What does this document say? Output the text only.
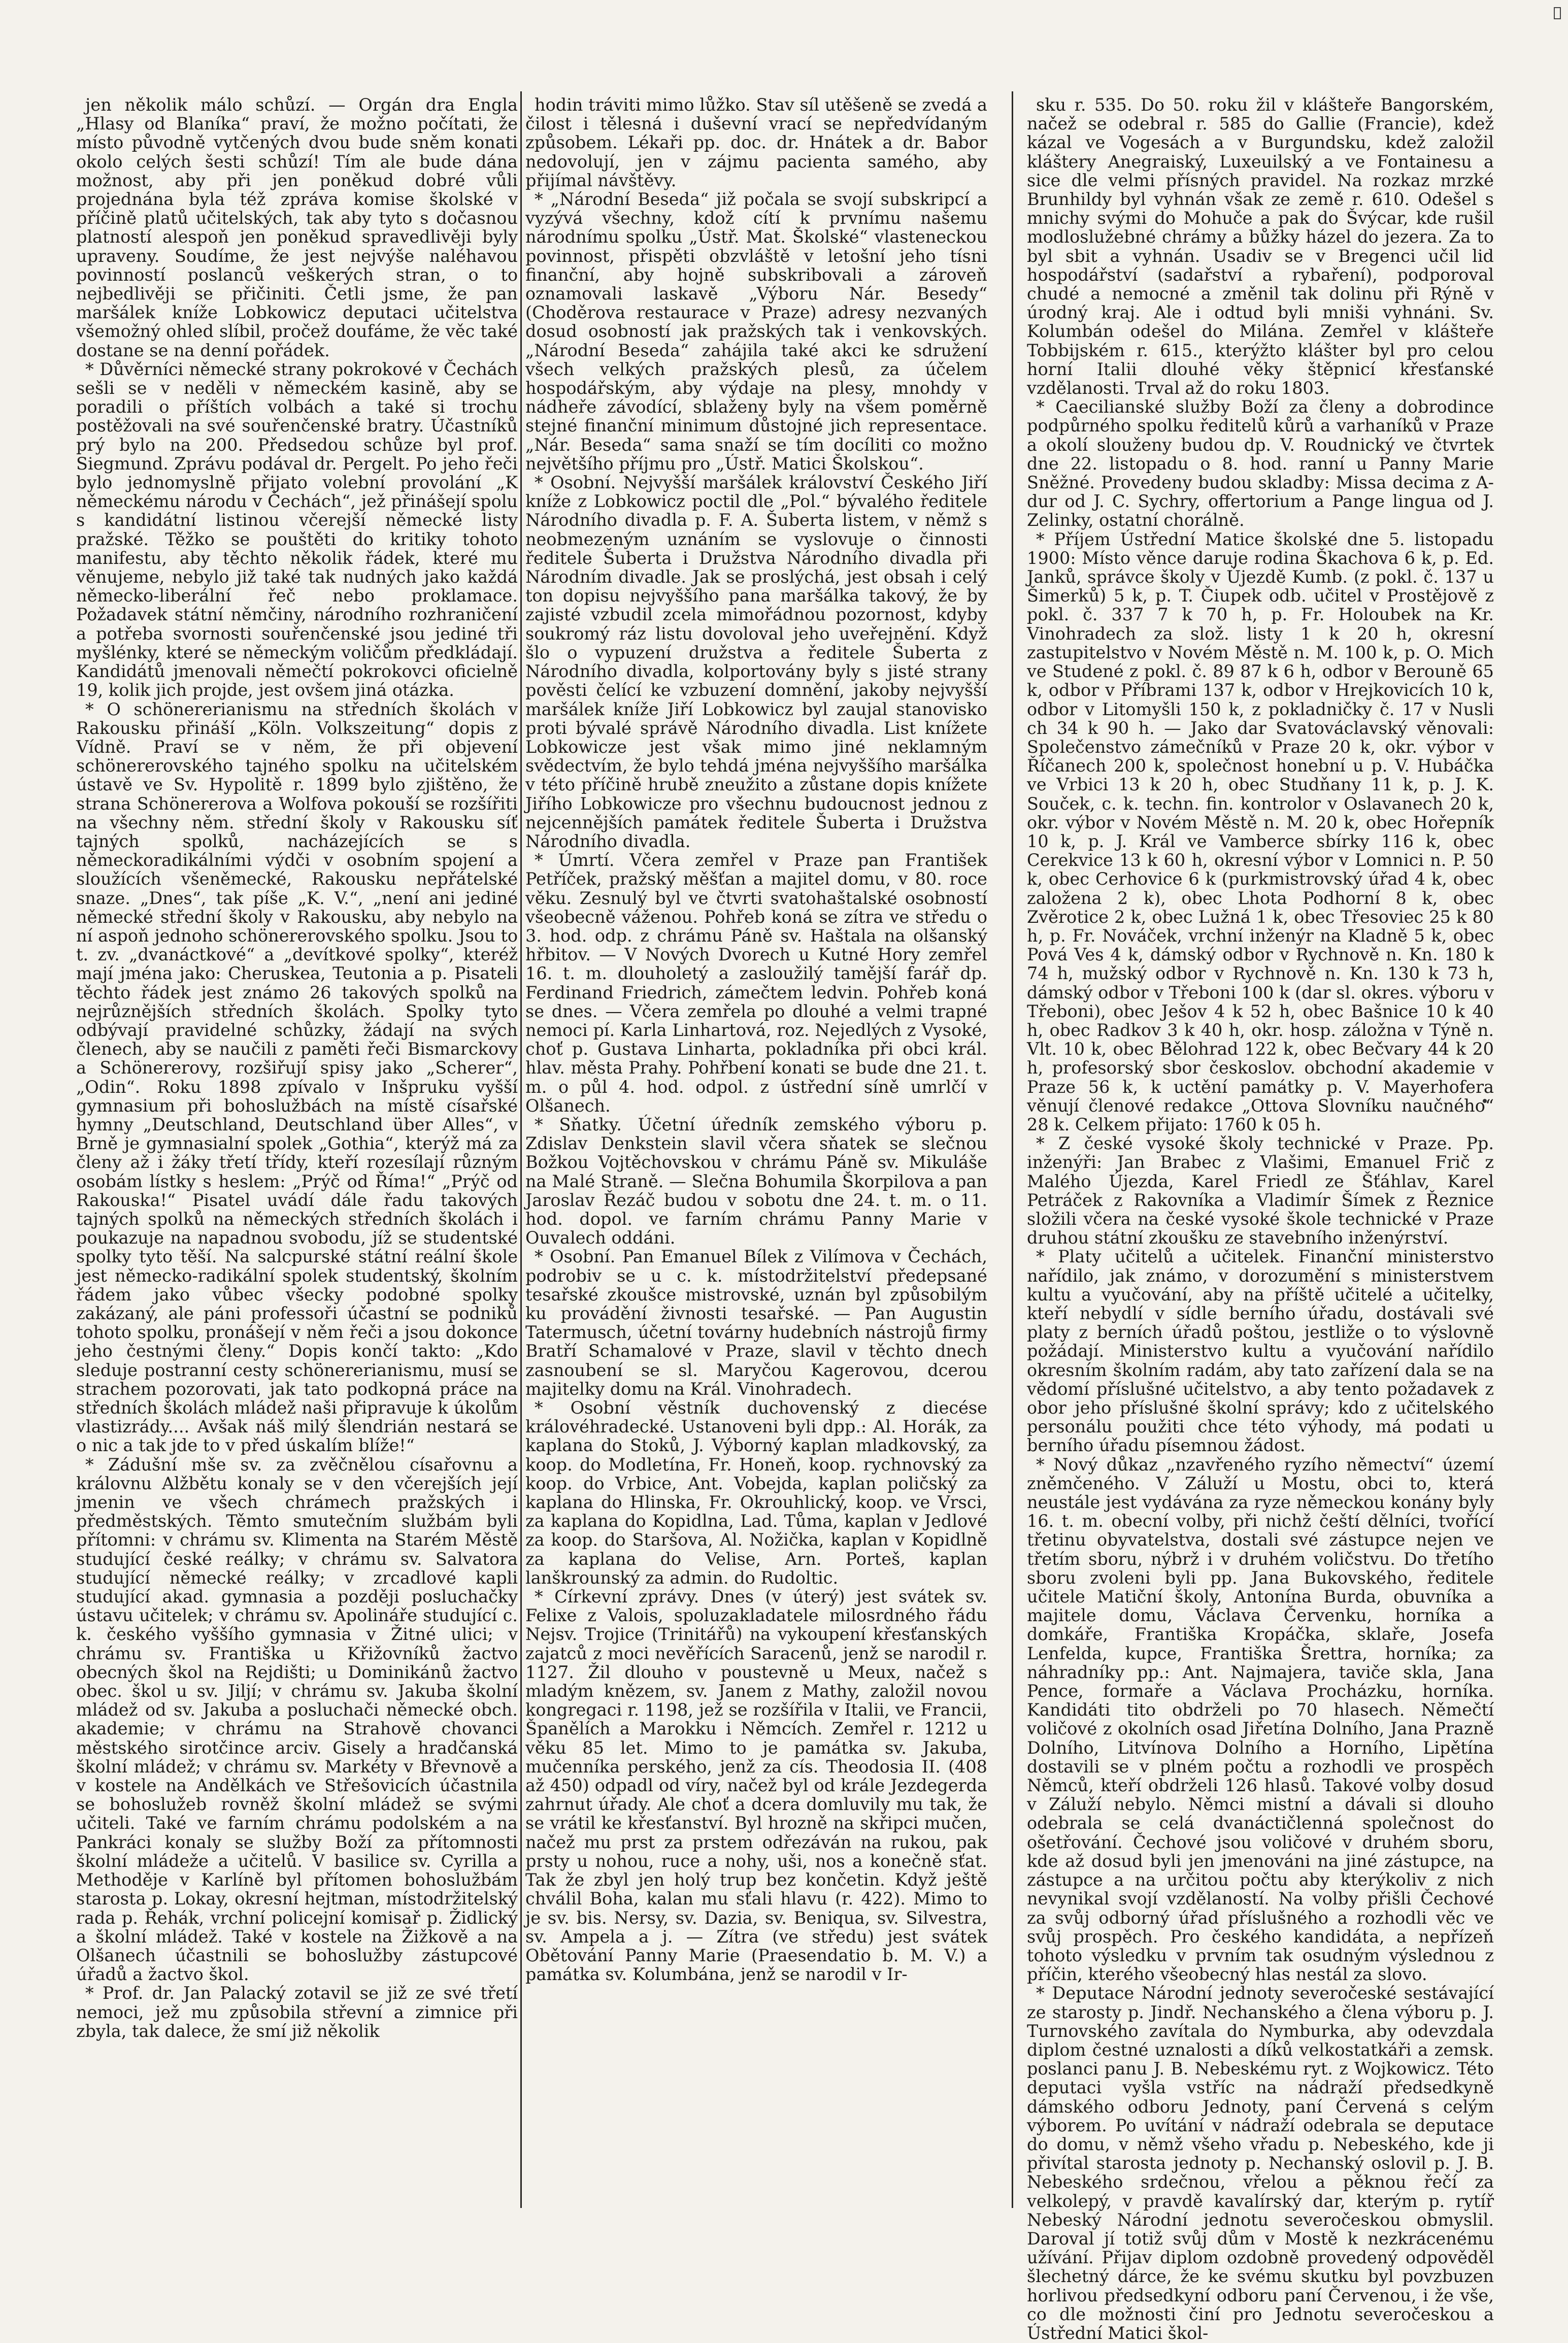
jen několik málo schůzí. — Orgán dra Engla „Hlasy od Blaníka“ praví, že možno počítati, že místo původně vytčených dvou bude sněm konati okolo celých šesti schůzí! Tím ale bude dána možnost, aby při jen poněkud dobré vůli projednána byla též zpráva komise školské v příčině platů učitelských, tak aby tyto s dočasnou platností alespoň jen poněkud spravedlivěji byly upraveny. Soudíme, že jest nejvýše naléhavou povinností poslanců veškerých stran, o to nejbedlivěji se přičiniti. Četli jsme, že pan maršálek kníže Lobkowicz deputaci učitelstva všemožný ohled slíbil, pročež doufáme, že věc také dostane se na denní pořádek.

* Důvěrníci německé strany pokrokové v Čechách sešli se v neděli v německém kasině, aby se poradili o příštích volbách a také si trochu postěžovali na své souřenčenské bratry. Účastníků prý bylo na 200. Předsedou schůze byl prof. Siegmund. Zprávu podával dr. Pergelt. Po jeho řeči bylo jednomyslně přijato volební provolání „K německému národu v Čechách“, jež přinášejí spolu s kandidátní listinou včerejší německé listy pražské. Těžko se pouštěti do kritiky tohoto manifestu, aby těchto několik řádek, které mu věnujeme, nebylo již také tak nudných jako každá německo-liberální řeč nebo proklamace. Požadavek státní němčiny, národního rozhraničení a potřeba svornosti souřenčenské jsou jediné tři myšlénky, které se německým voličům předkládají. Kandidátů jmenovali němečtí pokrokovci oficielně 19, kolik jich projde, jest ovšem jiná otázka.

* O schönererianismu na středních školách v Rakousku přináší „Köln. Volkszeitung“ dopis z Vídně. Praví se v něm, že při objevení schönererovského tajného spolku na učitelském ústavě ve Sv. Hypolitě r. 1899 bylo zjištěno, že strana Schönererova a Wolfova pokouší se rozšířiti na všechny něm. střední školy v Rakousku síť tajných spolků, nacházejících se s německoradikálními výdči v osobním spojení a sloužících všeněmecké, Rakousku nepřátelské snaze. „Dnes“, tak píše „K. V.“, „není ani jediné německé střední školy v Rakousku, aby nebylo na ní aspoň jednoho schönererovského spolku. Jsou to t. zv. „dvanáctkové“ a „devítkové spolky“, kteréž mají jména jako: Cheruskea, Teutonia a p. Pisateli těchto řádek jest známo 26 takových spolků na nejrůznějších středních školách. Spolky tyto odbývají pravidelné schůzky, žádají na svých členech, aby se naučili z paměti řeči Bismarckovy a Schönererovy, rozšiřují spisy jako „Scherer“, „Odin“. Roku 1898 zpívalo v Inšpruku vyšší gymnasium při bohoslužbách na místě císařské hymny „Deutschland, Deutschland über Alles“, v Brně je gymnasialní spolek „Gothia“, kterýž má za členy až i žáky třetí třídy, kteří rozesílají různým osobám lístky s heslem: „Prýč od Říma!“ „Prýč od Rakouska!“ Pisatel uvádí dále řadu takových tajných spolků na německých středních školách i poukazuje na napadnou svobodu, jíž se studentské spolky tyto těší. Na salcpurské státní reální škole jest německo-radikální spolek studentský, školním řádem jako vůbec všecky podobné spolky zakázaný, ale páni professoři účastní se podniků tohoto spolku, pronášejí v něm řeči a jsou dokonce jeho čestnými členy.“ Dopis končí takto: „Kdo sleduje postranní cesty schönererianismu, musí se strachem pozorovati, jak tato podkopná práce na středních školách mládež naši připravuje k úkolům vlastizrády.... Avšak náš milý šlendrián nestará se o nic a tak jde to v před úskalím blíže!“

* Zádušní mše sv. za zvěčnělou císařovnu a královnu Alžbětu konaly se v den včerejších její jmenin ve všech chrámech pražských i předměstských. Těmto smutečním službám byli přítomni: v chrámu sv. Klimenta na Starém Městě studující české reálky; v chrámu sv. Salvatora studující německé reálky; v zrcadlové kapli studující akad. gymnasia a později posluchačky ústavu učitelek; v chrámu sv. Apolináře studující c. k. českého vyššího gymnasia v Žitné ulici; v chrámu sv. Františka u Křižovníků žactvo obecných škol na Rejdišti; u Dominikánů žactvo obec. škol u sv. Jiljí; v chrámu sv. Jakuba školní mládež od sv. Jakuba a posluchači německé obch. akademie; v chrámu na Strahově chovanci městského sirotčince arciv. Gisely a hradčanská školní mládež; v chrámu sv. Markéty v Břevnově a v kostele na Andělkách ve Střešovicích účastnila se bohoslužeb rovněž školní mládež se svými učiteli. Také ve farním chrámu podolském a na Pankráci konaly se služby Boží za přítomnosti školní mládeže a učitelů. V basilice sv. Cyrilla a Methoděje v Karlíně byl přítomen bohoslužbám starosta p. Lokay, okresní hejtman, místodržitelský rada p. Řehák, vrchní policejní komisař p. Židlický a školní mládež. Také v kostele na Žižkově a na Olšanech účastnili se bohoslužby zástupcové úřadů a žactvo škol.

* Prof. dr. Jan Palacký zotavil se již ze své třetí nemoci, jež mu způsobila střevní a zimnice při zbyla, tak dalece, že smí již několik

hodin tráviti mimo lůžko. Stav síl utěšeně se zvedá a čilost i tělesná i duševní vrací se nepředvídaným způsobem. Lékaři pp. doc. dr. Hnátek a dr. Babor nedovolují, jen v zájmu pacienta samého, aby přijímal návštěvy.

* „Národní Beseda“ již počala se svojí subskripcí a vyzývá všechny, kdož cítí k prvnímu našemu národnímu spolku „Ústř. Mat. Školské“ vlasteneckou povinnost, přispěti obzvláště v letošní jeho tísni finanční, aby hojně subskribovali a zároveň oznamovali laskavě „Výboru Nár. Besedy“ (Choděrova restaurace v Praze) adresy nezvaných dosud osobností jak pražských tak i venkovských. „Národní Beseda“ zahájila také akci ke sdružení všech velkých pražských plesů, za účelem hospodářským, aby výdaje na plesy, mnohdy v nádheře závodící, sblaženy byly na všem poměrně stejné finanční minimum důstojné jich representace. „Nár. Beseda“ sama snaží se tím docíliti co možno největšího příjmu pro „Ústř. Matici Školskou“.

* Osobní. Nejvyšší maršálek království Českého Jiří kníže z Lobkowicz poctil dle „Pol.“ bývalého ředitele Národního divadla p. F. A. Šuberta listem, v němž s neobmezeným uznáním se vyslovuje o činnosti ředitele Šuberta i Družstva Národního divadla při Národním divadle. Jak se proslýchá, jest obsah i celý ton dopisu nejvyššího pana maršálka takový, že by zajisté vzbudil zcela mimořádnou pozornost, kdyby soukromý ráz listu dovoloval jeho uveřejnění. Když šlo o vypuzení družstva a ředitele Šuberta z Národního divadla, kolportovány byly s jisté strany pověsti čelící ke vzbuzení domnění, jakoby nejvyšší maršálek kníže Jiří Lobkowicz byl zaujal stanovisko proti bývalé správě Národního divadla. List knížete Lobkowicze jest však mimo jiné neklamným svědectvím, že bylo tehdá jména nejvyššího maršálka v této příčině hrubě zneužito a zůstane dopis knížete Jiřího Lobkowicze pro všechnu budoucnost jednou z nejcennějších památek ředitele Šuberta i Družstva Národního divadla.

* Úmrtí. Včera zemřel v Praze pan František Petříček, pražský měšťan a majitel domu, v 80. roce věku. Zesnulý byl ve čtvrti svatohaštalské osobností všeobecně váženou. Pohřeb koná se zítra ve středu o 3. hod. odp. z chrámu Páně sv. Haštala na olšanský hřbitov. — V Nových Dvorech u Kutné Hory zemřel 16. t. m. dlouholetý a zasloužilý tamější farář dp. Ferdinand Friedrich, zámečtem ledvin. Pohřeb koná se dnes. — Včera zemřela po dlouhé a velmi trapné nemoci pí. Karla Linhartová, roz. Nejedlých z Vysoké, choť p. Gustava Linharta, pokladníka při obci král. hlav. města Prahy. Pohřbení konati se bude dne 21. t. m. o půl 4. hod. odpol. z ústřední síně umrlčí v Olšanech.

* Sňatky. Účetní úředník zemského výboru p. Zdislav Denkstein slavil včera sňatek se slečnou Božkou Vojtěchovskou v chrámu Páně sv. Mikuláše na Malé Straně. — Slečna Bohumila Škorpilova a pan Jaroslav Řezáč budou v sobotu dne 24. t. m. o 11. hod. dopol. ve farním chrámu Panny Marie v Ouvalech oddáni.

* Osobní. Pan Emanuel Bílek z Vilímova v Čechách, podrobiv se u c. k. místodržitelství předepsané tesařské zkoušce mistrovské, uznán byl způsobilým ku provádění živnosti tesařské. — Pan Augustin Tatermusch, účetní továrny hudebních nástrojů firmy Bratří Schamalové v Praze, slavil v těchto dnech zasnoubení se sl. Maryčou Kagerovou, dcerou majitelky domu na Král. Vinohradech.

* Osobní věstník duchovenský z diecése královéhradecké. Ustanoveni byli dpp.: Al. Horák, za kaplana do Stoků, J. Výborný kaplan mladkovský, za koop. do Modletína, Fr. Honeň, koop. rychnovský za koop. do Vrbice, Ant. Vobejda, kaplan poličský za kaplana do Hlinska, Fr. Okrouhlický, koop. ve Vrsci, za kaplana do Kopidlna, Lad. Tůma, kaplan v Jedlové za koop. do Staršova, Al. Nožička, kaplan v Kopidlně za kaplana do Velise, Arn. Porteš, kaplan lanškrounský za admin. do Rudoltic.

* Církevní zprávy. Dnes (v úterý) jest svátek sv. Felixe z Valois, spoluzakladatele milosrdného řádu Nejsv. Trojice (Trinitářů) na vykoupení křesťanských zajatců z moci nevěřících Saracenů, jenž se narodil r. 1127. Žil dlouho v poustevně u Meux, načež s mladým knězem, sv. Janem z Mathy, založil novou kongregaci r. 1198, jež se rozšířila v Italii, ve Francii, Španělích a Marokku i Němcích. Zemřel r. 1212 u věku 85 let. Mimo to je památka sv. Jakuba, mučenníka perského, jenž za cís. Theodosia II. (408 až 450) odpadl od víry, načež byl od krále Jezdegerda zahrnut úřady. Ale choť a dcera domluvily mu tak, že se vrátil ke křesťanství. Byl hrozně na skřipci mučen, načež mu prst za prstem odřezáván na rukou, pak prsty u nohou, ruce a nohy, uši, nos a konečně sťat. Tak že zbyl jen holý trup bez končetin. Když ještě chválil Boha, kalan mu sťali hlavu (r. 422). Mimo to je sv. bis. Nersy, sv. Dazia, sv. Beniqua, sv. Silvestra, sv. Ampela a j. — Zítra (ve středu) jest svátek Obětování Panny Marie (Praesendatio b. M. V.) a památka sv. Kolumbána, jenž se narodil v Ir-

sku r. 535. Do 50. roku žil v klášteře Bangorském, načež se odebral r. 585 do Gallie (Francie), kdež kázal ve Vogesách a v Burgundsku, kdež založil kláštery Anegraiský, Luxeuilský a ve Fontainesu a sice dle velmi přísných pravidel. Na rozkaz mrzké Brunhildy byl vyhnán však ze země r. 610. Odešel s mnichy svými do Mohuče a pak do Švýcar, kde rušil modloslužebné chrámy a bůžky házel do jezera. Za to byl sbit a vyhnán. Usadiv se v Bregenci učil lid hospodářství (sadařství a rybaření), podporoval chudé a nemocné a změnil tak dolinu při Rýně v úrodný kraj. Ale i odtud byli mniši vyhnáni. Sv. Kolumbán odešel do Milána. Zemřel v klášteře Tobbijském r. 615., kterýžto klášter byl pro celou horní Italii dlouhé věky štěpnicí křesťanské vzdělanosti. Trval až do roku 1803.

* Caecilianské služby Boží za členy a dobrodince podpůrného spolku ředitelů kůrů a varhaníků v Praze a okolí slouženy budou dp. V. Roudnický ve čtvrtek dne 22. listopadu o 8. hod. ranní u Panny Marie Sněžné. Provedeny budou skladby: Missa decima z A-dur od J. C. Sychry, offertorium a Pange lingua od J. Zelinky, ostatní chorálně.

* Příjem Ústřední Matice školské dne 5. listopadu 1900: Místo věnce daruje rodina Škachova 6 k, p. Ed. Janků, správce školy v Újezdě Kumb. (z pokl. č. 137 u Šimerků) 5 k, p. T. Čiupek odb. učitel v Prostějově z pokl. č. 337 7 k 70 h, p. Fr. Holoubek na Kr. Vinohradech za slož. listy 1 k 20 h, okresní zastupitelstvo v Novém Městě n. M. 100 k, p. O. Mich ve Studené z pokl. č. 89 87 k 6 h, odbor v Berouně 65 k, odbor v Příbrami 137 k, odbor v Hrejkovicích 10 k, odbor v Litomyšli 150 k, z pokladničky č. 17 v Nusli ch 34 k 90 h. — Jako dar Svatováclavský věnovali: Společenstvo zámečníků v Praze 20 k, okr. výbor v Říčanech 200 k, společnost honební u p. V. Hubáčka ve Vrbici 13 k 20 h, obec Studňany 11 k, p. J. K. Souček, c. k. techn. fin. kontrolor v Oslavanech 20 k, okr. výbor v Novém Městě n. M. 20 k, obec Hořepník 10 k, p. J. Král ve Vamberce sbírky 116 k, obec Cerekvice 13 k 60 h, okresní výbor v Lomnici n. P. 50 k, obec Cerhovice 6 k (purkmistrovský úřad 4 k, obec založena 2 k), obec Lhota Podhorní 8 k, obec Zvěrotice 2 k, obec Lužná 1 k, obec Třesoviec 25 k 80 h, p. Fr. Nováček, vrchní inženýr na Kladně 5 k, obec Pová Ves 4 k, dámský odbor v Rychnově n. Kn. 180 k 74 h, mužský odbor v Rychnově n. Kn. 130 k 73 h, dámský odbor v Třeboni 100 k (dar sl. okres. výboru v Třeboni), obec Ješov 4 k 52 h, obec Bašnice 10 k 40 h, obec Radkov 3 k 40 h, okr. hosp. záložna v Týně n. Vlt. 10 k, obec Bělohrad 122 k, obec Bečvary 44 k 20 h, profesorský sbor českoslov. obchodní akademie v Praze 56 k, k uctění památky p. V. Mayerhofera věnují členové redakce „Ottova Slovníku naučného“ 28 k. Celkem přijato: 1760 k 05 h.

* Z české vysoké školy technické v Praze. Pp. inženýři: Jan Brabec z Vlašimi, Emanuel Frič z Malého Újezda, Karel Friedl ze Šťáhlav, Karel Petráček z Rakovníka a Vladimír Šímek z Řeznice složili včera na české vysoké škole technické v Praze druhou státní zkoušku ze stavebního inženýrství.

* Platy učitelů a učitelek. Finanční ministerstvo nařídilo, jak známo, v dorozumění s ministerstvem kultu a vyučování, aby na příště učitelé a učitelky, kteří nebydlí v sídle berního úřadu, dostávali své platy z berních úřadů poštou, jestliže o to výslovně požádají. Ministerstvo kultu a vyučování nařídilo okresním školním radám, aby tato zařízení dala se na vědomí příslušné učitelstvo, a aby tento požadavek z obor jeho příslušné školní správy; kdo z učitelského personálu použiti chce této výhody, má podati u berního úřadu písemnou žádost.

* Nový důkaz „nzavřeného ryzího němectví“ území zněmčeného. V Záluží u Mostu, obci to, která neustále jest vydávána za ryze německou konány byly 16. t. m. obecní volby, při nichž čeští dělníci, tvořící třetinu obyvatelstva, dostali své zástupce nejen ve třetím sboru, nýbrž i v druhém voličstvu. Do třetího sboru zvoleni byli pp. Jana Bukovského, ředitele učitele Matiční školy, Antonína Burda, obuvníka a majitele domu, Václava Červenku, horníka a domkáře, Františka Kropáčka, sklaře, Josefa Lenfelda, kupce, Františka Šrettra, horníka; za náhradníky pp.: Ant. Najmajera, taviče skla, Jana Pence, formaře a Václava Procházku, horníka. Kandidáti tito obdrželi po 70 hlasech. Němečtí voličové z okolních osad Jiřetína Dolního, Jana Prazně Dolního, Litvínova Dolního a Horního, Lipětína dostavili se v plném počtu a rozhodli ve prospěch Němců, kteří obdrželi 126 hlasů. Takové volby dosud v Záluží nebylo. Němci mistní a dávali si dlouho odebrala se celá dvanáctičlenná společnost do ošetřování. Čechové jsou voličové v druhém sboru, kde až dosud byli jen jmenováni na jiné zástupce, na zástupce a na určitou počtu aby kterýkoliv z nich nevynikal svojí vzdělaností. Na volby přišli Čechové za svůj odborný úřad příslušného a rozhodli věc ve svůj prospěch. Pro českého kandidáta, a nepřízeň tohoto výsledku v prvním tak osudným výslednou z příčin, kterého všeobecný hlas nestál za slovo.

* Deputace Národní jednoty severočeské sestávající ze starosty p. Jindř. Nechanského a člena výboru p. J. Turnovského zavítala do Nymburka, aby odevzdala diplom čestné uznalosti a díků velkostatkáři a zemsk. poslanci panu J. B. Nebeskému ryt. z Wojkowicz. Této deputaci vyšla vstříc na nádraží předsedkyně dámského odboru Jednoty, paní Červená s celým výborem. Po uvítání v nádraží odebrala se deputace do domu, v němž všeho vřadu p. Nebeského, kde ji přivítal starosta jednoty p. Nechanský oslovil p. J. B. Nebeského srdečnou, vřelou a pěknou řečí za velkolepý, v pravdě kavalírský dar, kterým p. rytíř Nebeský Národní jednotu severočeskou obmyslil. Daroval jí totiž svůj dům v Mostě k nezkrácenému užívání. Přijav diplom ozdobně provedený odpověděl šlechetný dárce, že ke svému skutku byl povzbuzen horlivou předsedkyní odboru paní Červenou, i že vše, co dle možnosti činí pro Jednotu severočeskou a Ústřední Matici škol-
